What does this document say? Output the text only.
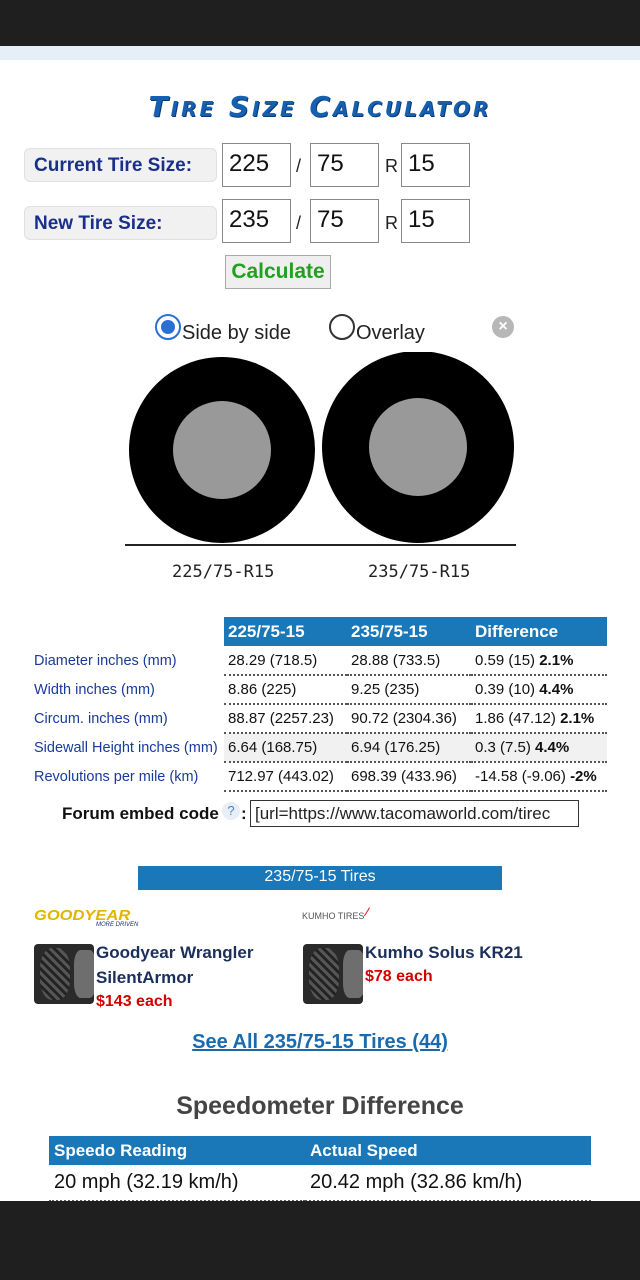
Tire Size Calculator
Current Tire Size:	225	/ 75	R 15
New Tire Size:	235	/ 75	R 15
Calculate
Side by side	Overlay	×
225/75-R15	235/75-R15
	225/75-15	235/75-15	Difference
Diameter inches (mm)	28.29 (718.5)	28.88 (733.5)	0.59 (15) 2.1%
Width inches (mm)	8.86 (225)	9.25 (235)	0.39 (10) 4.4%
Circum. inches (mm)	88.87 (2257.23)	90.72 (2304.36)	1.86 (47.12) 2.1%
Sidewall Height inches (mm)	6.64 (168.75)	6.94 (176.25)	0.3 (7.5) 4.4%
Revolutions per mile (km)	712.97 (443.02)	698.39 (433.96)	-14.58 (-9.06) -2%
Forum embed code ? : [url=https://www.tacomaworld.com/tirec
235/75-15 Tires
GOODYEAR
MORE DRIVEN
Goodyear Wrangler
SilentArmor
$143 each
KUMHO TIRES ⁄
Kumho Solus KR21
$78 each
See All 235/75-15 Tires (44)
Speedometer Difference
Speedo Reading	Actual Speed
20 mph (32.19 km/h)	20.42 mph (32.86 km/h)
